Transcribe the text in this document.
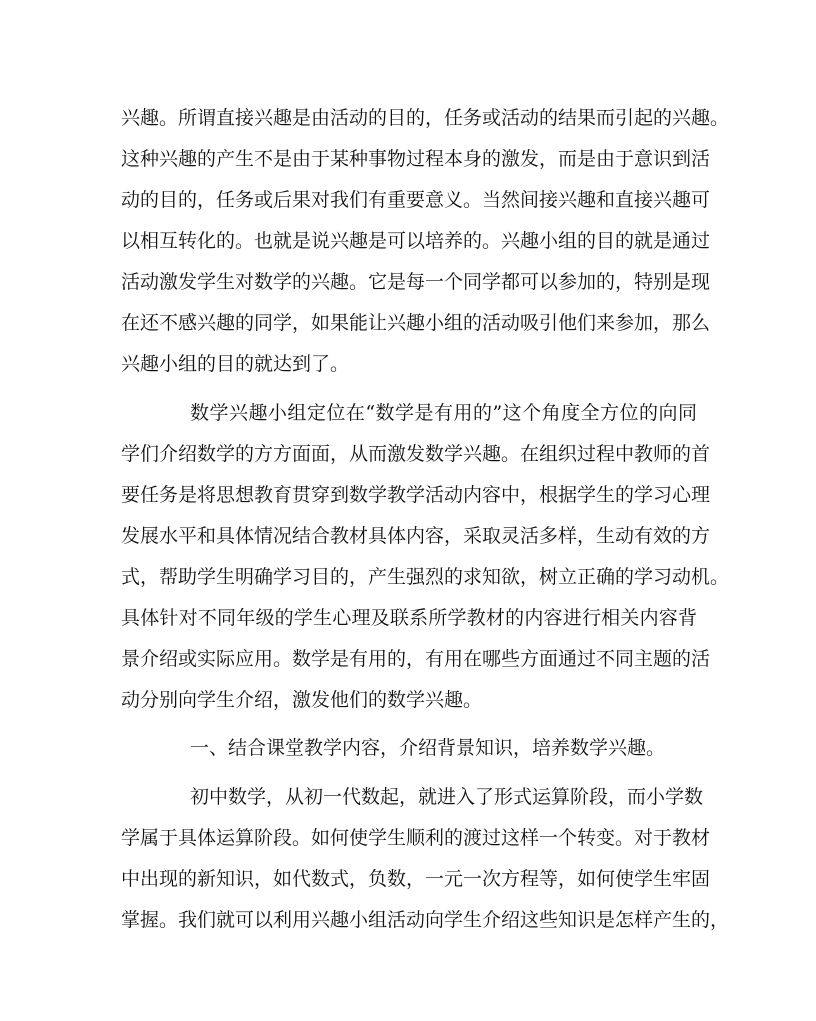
兴趣。所谓直接兴趣是由活动的目的，任务或活动的结果而引起的兴趣。
这种兴趣的产生不是由于某种事物过程本身的激发，而是由于意识到活
动的目的，任务或后果对我们有重要意义。当然间接兴趣和直接兴趣可
以相互转化的。也就是说兴趣是可以培养的。兴趣小组的目的就是通过
活动激发学生对数学的兴趣。它是每一个同学都可以参加的，特别是现
在还不感兴趣的同学，如果能让兴趣小组的活动吸引他们来参加，那么
兴趣小组的目的就达到了。
数学兴趣小组定位在“数学是有用的”这个角度全方位的向同
学们介绍数学的方方面面，从而激发数学兴趣。在组织过程中教师的首
要任务是将思想教育贯穿到数学教学活动内容中，根据学生的学习心理
发展水平和具体情况结合教材具体内容，采取灵活多样，生动有效的方
式，帮助学生明确学习目的，产生强烈的求知欲，树立正确的学习动机。
具体针对不同年级的学生心理及联系所学教材的内容进行相关内容背
景介绍或实际应用。数学是有用的，有用在哪些方面通过不同主题的活
动分别向学生介绍，激发他们的数学兴趣。
一、结合课堂教学内容，介绍背景知识，培养数学兴趣。
初中数学，从初一代数起，就进入了形式运算阶段，而小学数
学属于具体运算阶段。如何使学生顺利的渡过这样一个转变。对于教材
中出现的新知识，如代数式，负数，一元一次方程等，如何使学生牢固
掌握。我们就可以利用兴趣小组活动向学生介绍这些知识是怎样产生的，
